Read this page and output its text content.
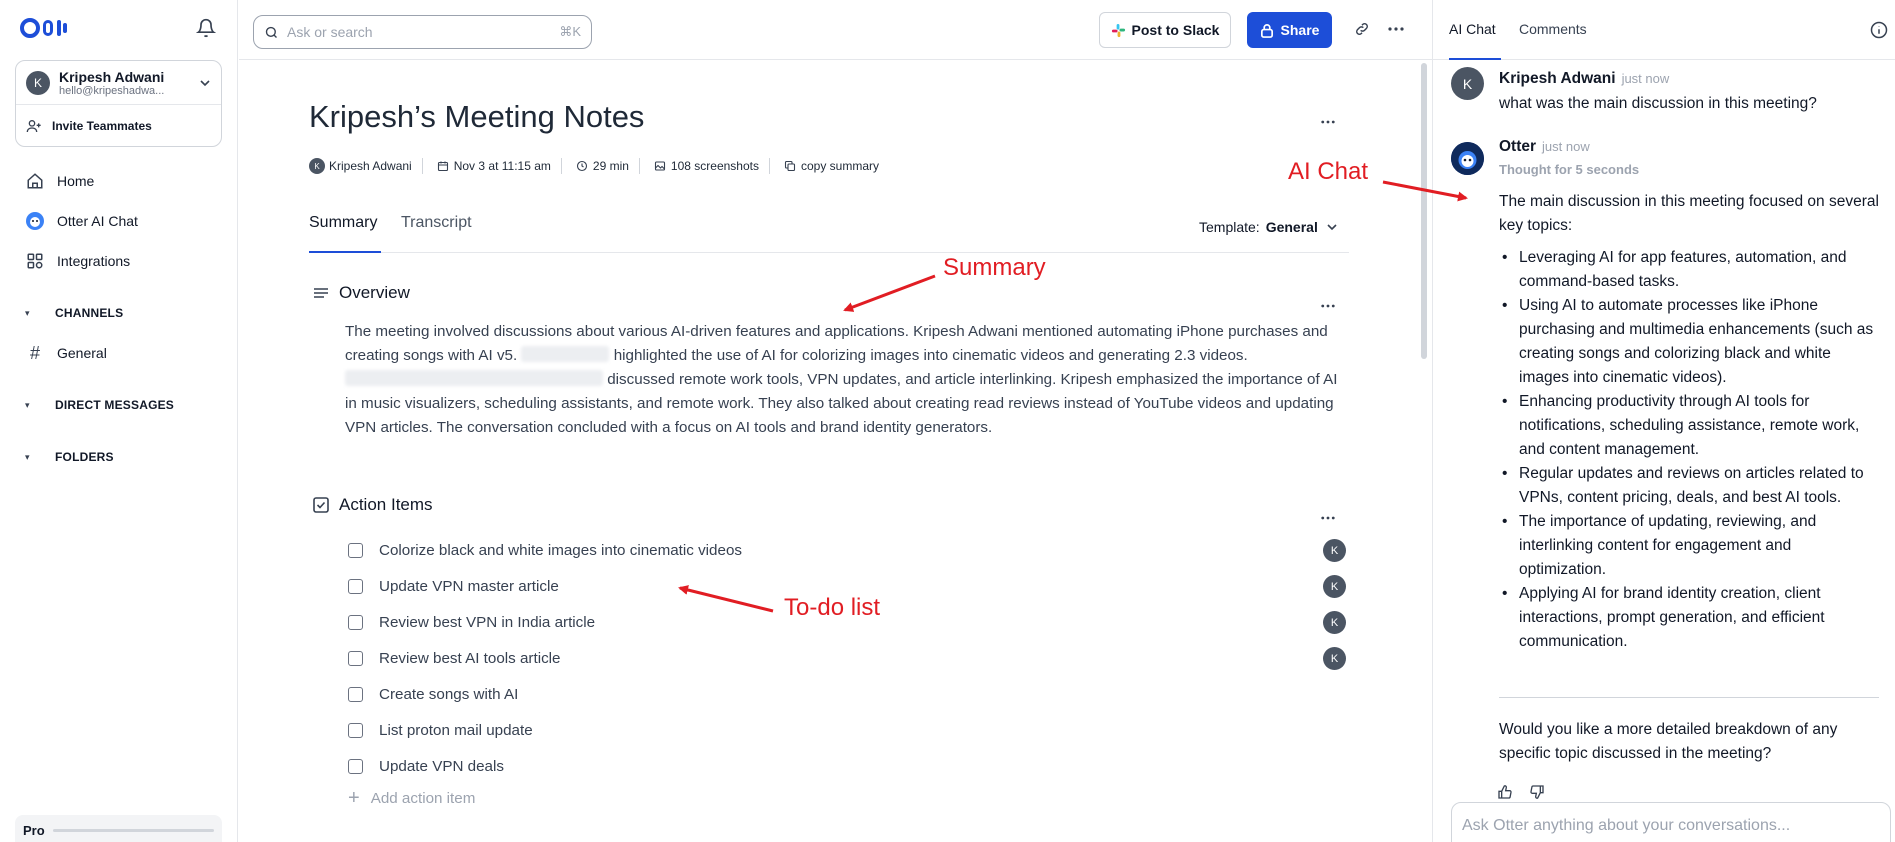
K	Kripesh Adwani
hello@kripeshadwa...
Invite Teammates
Home
Otter AI Chat
Integrations
▾	CHANNELS
#	General
▾	DIRECT MESSAGES
▾	FOLDERS
Pro
Ask or search
⌘K	Post to Slack	Share
Kripesh’s Meeting Notes
K Kripesh Adwani	Nov 3 at 11:15 am	29 min	108 screenshots	copy summary
Summary Transcript	Template: General
Overview
The meeting involved discussions about various AI-driven features and applications. Kripesh Adwani mentioned automating iPhone purchases and creating songs with AI v5.	highlighted the use of AI for colorizing images into cinematic videos and generating 2.3 videos.  discussed remote work tools, VPN updates, and article interlinking. Kripesh emphasized the importance of AI in music visualizers, scheduling assistants, and remote work. They also talked about creating read reviews instead of YouTube videos and updating VPN articles. The conversation concluded with a focus on AI tools and brand identity generators.
Action Items
Colorize black and white images into cinematic videos	K
Update VPN master article	K
Review best VPN in India article	K
Review best AI tools article	K
Create songs with AI
List proton mail update
Update VPN deals
+ Add action item
AI Chat	Comments
K	Kripesh Adwani just now
what was the main discussion in this meeting?
Otter just now
Thought for 5 seconds
The main discussion in this meeting focused on several key topics:
• Leveraging AI for app features, automation, and command-based tasks.
• Using AI to automate processes like iPhone purchasing and multimedia enhancements (such as creating songs and colorizing black and white images into cinematic videos).
• Enhancing productivity through AI tools for notifications, scheduling assistance, remote work, and content management.
• Regular updates and reviews on articles related to VPNs, content pricing, deals, and best AI tools.
• The importance of updating, reviewing, and interlinking content for engagement and optimization.
• Applying AI for brand identity creation, client interactions, prompt generation, and efficient communication.
Would you like a more detailed breakdown of any specific topic discussed in the meeting?
Ask Otter anything about your conversations...
Summary
To-do list
AI Chat
